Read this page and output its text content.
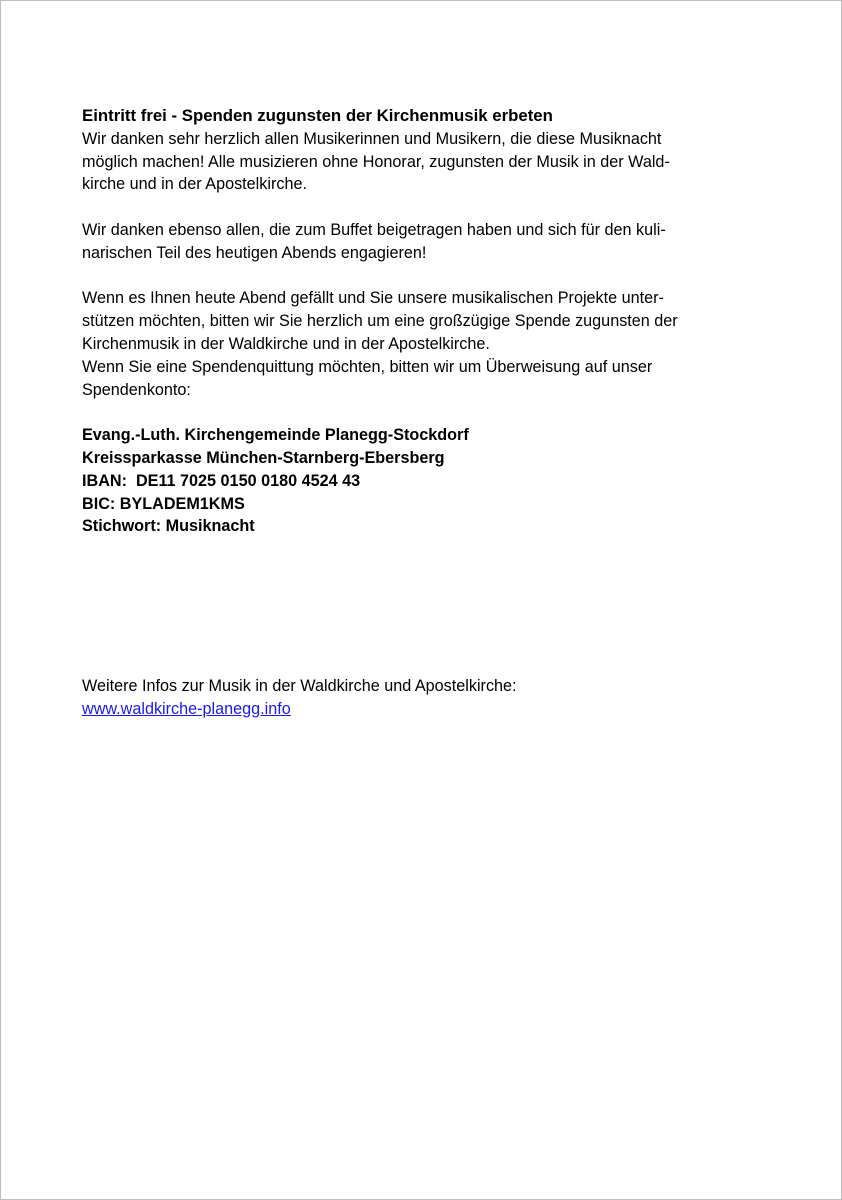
Eintritt frei - Spenden zugunsten der Kirchenmusik erbeten

Wir danken sehr herzlich allen Musikerinnen und Musikern, die diese Musiknacht

möglich machen! Alle musizieren ohne Honorar, zugunsten der Musik in der Wald-

kirche und in der Apostelkirche.

Wir danken ebenso allen, die zum Buffet beigetragen haben und sich für den kuli-

narischen Teil des heutigen Abends engagieren!

Wenn es Ihnen heute Abend gefällt und Sie unsere musikalischen Projekte unter-

stützen möchten, bitten wir Sie herzlich um eine großzügige Spende zugunsten der

Kirchenmusik in der Waldkirche und in der Apostelkirche.

Wenn Sie eine Spendenquittung möchten, bitten wir um Überweisung auf unser

Spendenkonto:

Evang.-Luth. Kirchengemeinde Planegg-Stockdorf

Kreissparkasse München-Starnberg-Ebersberg

IBAN:  DE11 7025 0150 0180 4524 43

BIC: BYLADEM1KMS

Stichwort: Musiknacht

Weitere Infos zur Musik in der Waldkirche und Apostelkirche:

www.waldkirche-planegg.info
